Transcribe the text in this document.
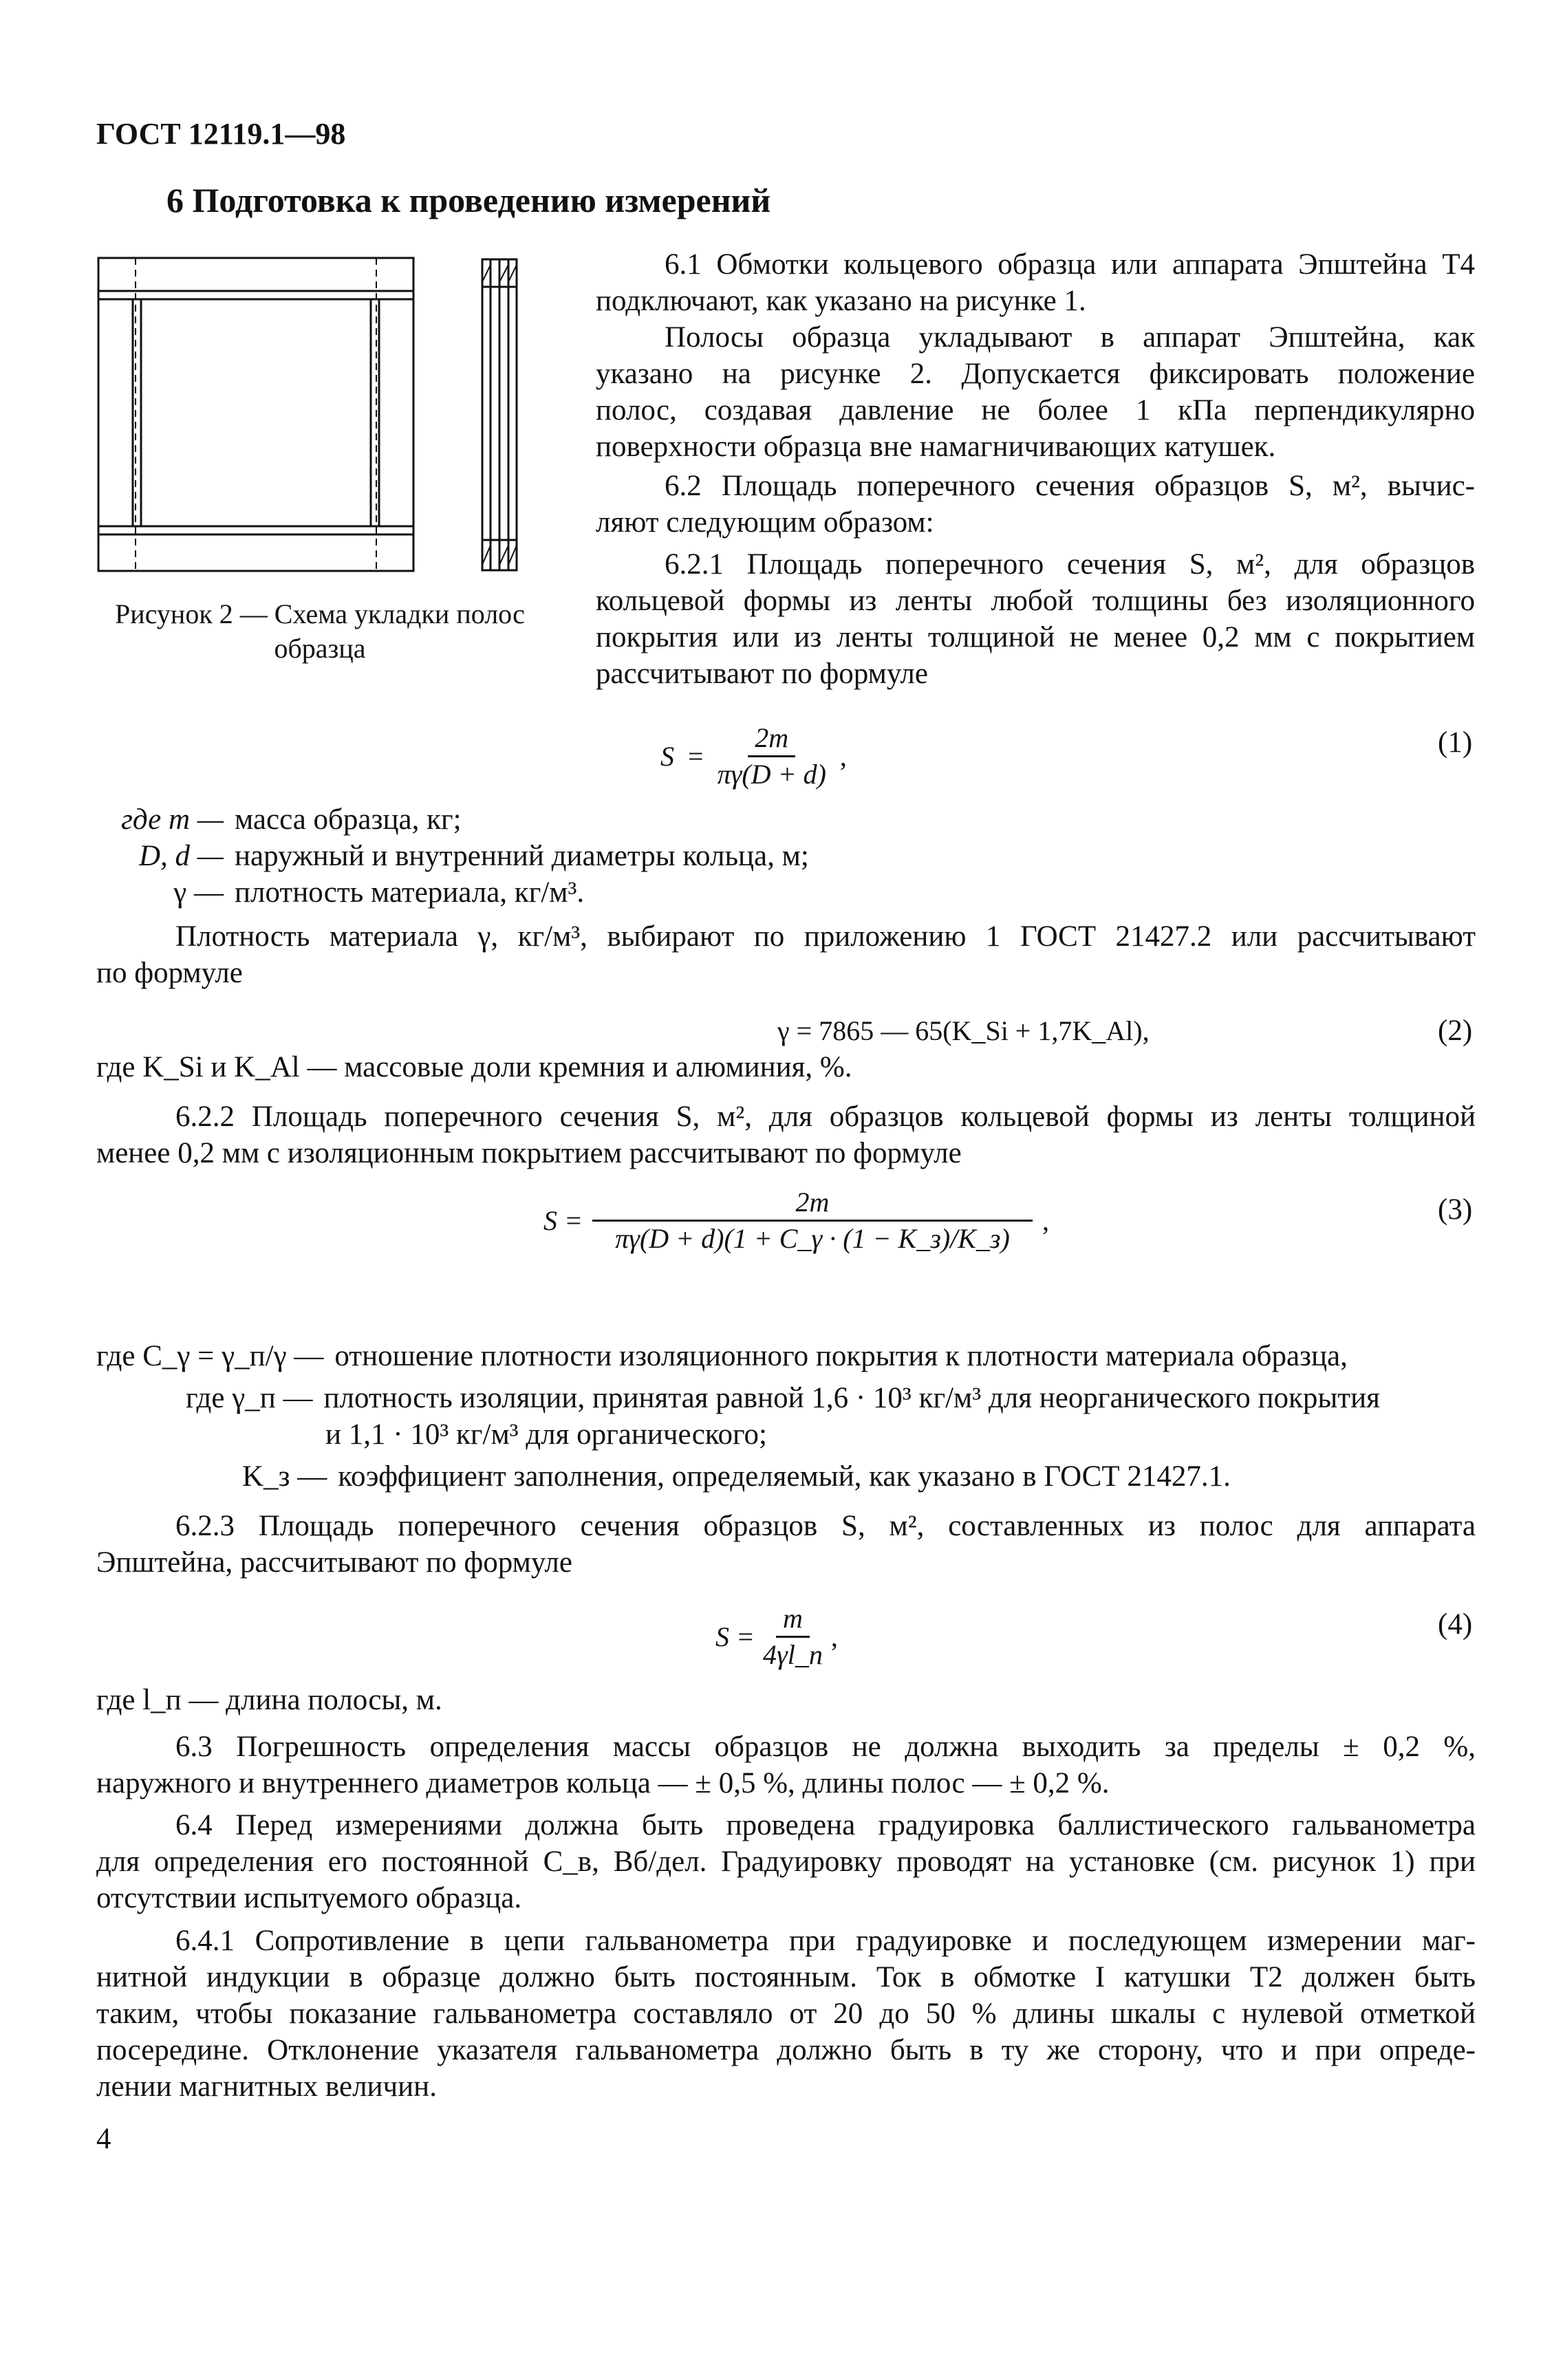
ГОСТ 12119.1—98
6 Подготовка к проведению измерений
Рисунок 2 — Схема укладки полос
образца
6.1 Обмотки кольцевого образца или аппарата Эпштейна Т4
подключают, как указано на рисунке 1.
Полосы образца укладывают в аппарат Эпштейна, как
указано на рисунке 2. Допускается фиксировать положение
полос, создавая давление не более 1 кПа перпендикулярно
поверхности образца вне намагничивающих катушек.
6.2 Площадь поперечного сечения образцов S, м², вычис-
ляют следующим образом:
6.2.1 Площадь поперечного сечения S, м², для образцов
кольцевой формы из ленты любой толщины без изоляционного
покрытия или из ленты толщиной не менее 0,2 мм с покрытием
рассчитывают по формуле
$S = \frac{2m}{\pi\gamma(D + d)}$ ,	(1)
где m — масса образца, кг;
D, d — наружный и внутренний диаметры кольца, м;
γ — плотность материала, кг/м³.
Плотность материала γ, кг/м³, выбирают по приложению 1 ГОСТ 21427.2 или рассчитывают
по формуле
γ = 7865 — 65(K_Si + 1,7K_Al),	(2)
где K_Si и K_Al — массовые доли кремния и алюминия, %.
6.2.2 Площадь поперечного сечения S, м², для образцов кольцевой формы из ленты толщиной
менее 0,2 мм с изоляционным покрытием рассчитывают по формуле
$S = \frac{2m}{\pi\gamma(D + d)(1 + C\_\gamma \cdot (1 - K\_з)/K\_з)}$ ,	(3)
где C_γ = γ_п/γ — отношение плотности изоляционного покрытия к плотности материала образца,
где γ_п — плотность изоляции, принятая равной 1,6 · 10³ кг/м³ для неорганического покрытия
и 1,1 · 10³ кг/м³ для органического;
K_з — коэффициент заполнения, определяемый, как указано в ГОСТ 21427.1.
6.2.3 Площадь поперечного сечения образцов S, м², составленных из полос для аппарата
Эпштейна, рассчитывают по формуле
$S = \frac{m}{4\gamma l\_п}$ ,	(4)
где l_п — длина полосы, м.
6.3 Погрешность определения массы образцов не должна выходить за пределы ± 0,2 %,
наружного и внутреннего диаметров кольца — ± 0,5 %, длины полос — ± 0,2 %.
6.4 Перед измерениями должна быть проведена градуировка баллистического гальванометра
для определения его постоянной C_в, Вб/дел. Градуировку проводят на установке (см. рисунок 1) при
отсутствии испытуемого образца.
6.4.1 Сопротивление в цепи гальванометра при градуировке и последующем измерении маг-
нитной индукции в образце должно быть постоянным. Ток в обмотке I катушки Т2 должен быть
таким, чтобы показание гальванометра составляло от 20 до 50 % длины шкалы с нулевой отметкой
посередине. Отклонение указателя гальванометра должно быть в ту же сторону, что и при опреде-
лении магнитных величин.
4
